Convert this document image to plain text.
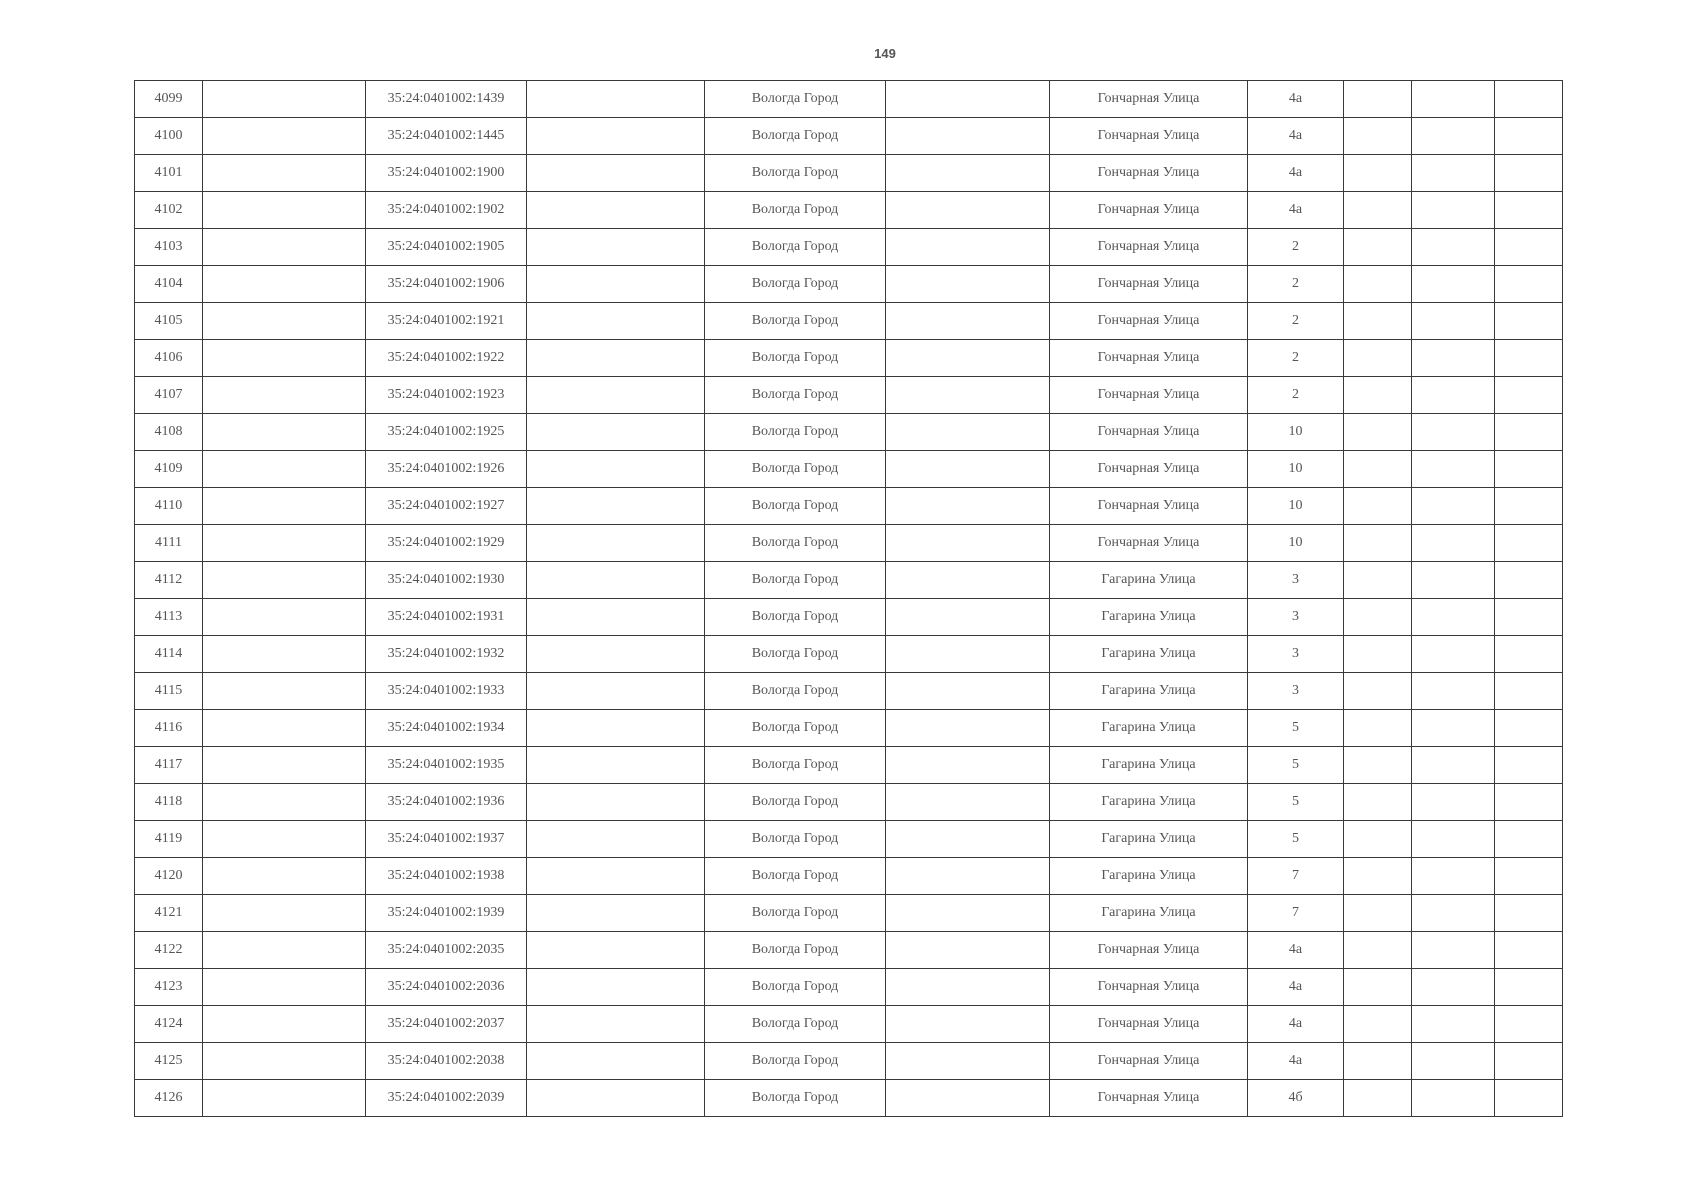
149
4099		35:24:0401002:1439		Вологда Город		Гончарная Улица	4а			
4100		35:24:0401002:1445		Вологда Город		Гончарная Улица	4а			
4101		35:24:0401002:1900		Вологда Город		Гончарная Улица	4а			
4102		35:24:0401002:1902		Вологда Город		Гончарная Улица	4а			
4103		35:24:0401002:1905		Вологда Город		Гончарная Улица	2			
4104		35:24:0401002:1906		Вологда Город		Гончарная Улица	2			
4105		35:24:0401002:1921		Вологда Город		Гончарная Улица	2			
4106		35:24:0401002:1922		Вологда Город		Гончарная Улица	2			
4107		35:24:0401002:1923		Вологда Город		Гончарная Улица	2			
4108		35:24:0401002:1925		Вологда Город		Гончарная Улица	10			
4109		35:24:0401002:1926		Вологда Город		Гончарная Улица	10			
4110		35:24:0401002:1927		Вологда Город		Гончарная Улица	10			
4111		35:24:0401002:1929		Вологда Город		Гончарная Улица	10			
4112		35:24:0401002:1930		Вологда Город		Гагарина Улица	3			
4113		35:24:0401002:1931		Вологда Город		Гагарина Улица	3			
4114		35:24:0401002:1932		Вологда Город		Гагарина Улица	3			
4115		35:24:0401002:1933		Вологда Город		Гагарина Улица	3			
4116		35:24:0401002:1934		Вологда Город		Гагарина Улица	5			
4117		35:24:0401002:1935		Вологда Город		Гагарина Улица	5			
4118		35:24:0401002:1936		Вологда Город		Гагарина Улица	5			
4119		35:24:0401002:1937		Вологда Город		Гагарина Улица	5			
4120		35:24:0401002:1938		Вологда Город		Гагарина Улица	7			
4121		35:24:0401002:1939		Вологда Город		Гагарина Улица	7			
4122		35:24:0401002:2035		Вологда Город		Гончарная Улица	4а			
4123		35:24:0401002:2036		Вологда Город		Гончарная Улица	4а			
4124		35:24:0401002:2037		Вологда Город		Гончарная Улица	4а			
4125		35:24:0401002:2038		Вологда Город		Гончарная Улица	4а			
4126		35:24:0401002:2039		Вологда Город		Гончарная Улица	4б			
